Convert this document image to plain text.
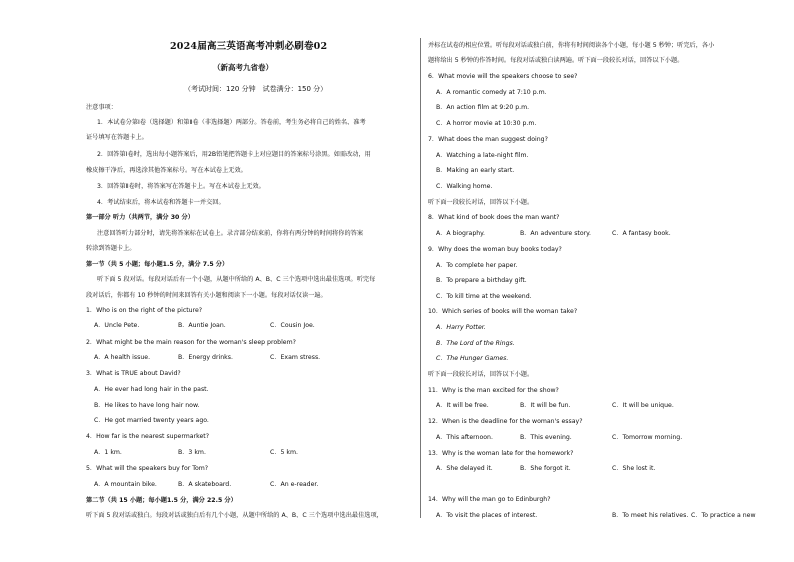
2024届高三英语高考冲刺必刷卷02
（新高考九省卷）
（考试时间：120 分钟　试卷满分：150 分）
注意事项：
1．本试卷分第Ⅰ卷（选择题）和第Ⅱ卷（非选择题）两部分。答卷前，考生务必将自己的姓名、准考
证号填写在答题卡上。
2．回答第Ⅰ卷时，选出每小题答案后，用2B铅笔把答题卡上对应题目的答案标号涂黑。如需改动，用
橡皮擦干净后，再选涂其他答案标号。写在本试卷上无效。
3．回答第Ⅱ卷时，将答案写在答题卡上。写在本试卷上无效。
4．考试结束后，将本试卷和答题卡一并交回。
第一部分 听力（共两节，满分 30 分）
注意回答听力部分时，请先将答案标在试卷上。录音部分结束前，你将有两分钟的时间将你的答案
转涂到答题卡上。
第一节（共 5 小题；每小题1.5 分，满分 7.5 分）
听下面 5 段对话。每段对话后有一个小题，从题中所给的 A、B、C 三个选项中选出最佳选项。听完每
段对话后，你都有 10 秒钟的时间来回答有关小题和阅读下一小题。每段对话仅读一遍。
1．Who is on the right of the picture?
A．Uncle Pete.	B．Auntie Joan.	C．Cousin Joe.
2．What might be the main reason for the woman's sleep problem?
A．A health issue.	B．Energy drinks.	C．Exam stress.
3．What is TRUE about David?
A．He ever had long hair in the past.
B．He likes to have long hair now.
C．He got married twenty years ago.
4．How far is the nearest supermarket?
A．1 km.	B．3 km.	C．5 km.
5．What will the speakers buy for Tom?
A．A mountain bike.	B．A skateboard.	C．An e-reader.
第二节（共 15 小题；每小题1.5 分，满分 22.5 分）
听下面 5 段对话或独白。每段对话或独白后有几个小题，从题中所给的 A、B、C 三个选项中选出最佳选项，
并标在试卷的相应位置。听每段对话或独白前，你将有时间阅读各个小题，每小题 5 秒钟；听完后，各小
题将给出 5 秒钟的作答时间。每段对话或独白读两遍。听下面一段较长对话，回答以下小题。
6．What movie will the speakers choose to see?
A．A romantic comedy at 7:10 p.m.
B．An action film at 9:20 p.m.
C．A horror movie at 10:30 p.m.
7．What does the man suggest doing?
A．Watching a late-night film.
B．Making an early start.
C．Walking home.
听下面一段较长对话，回答以下小题。
8．What kind of book does the man want?
A．A biography.	B．An adventure story.	C．A fantasy book.
9．Why does the woman buy books today?
A．To complete her paper.
B．To prepare a birthday gift.
C．To kill time at the weekend.
10．Which series of books will the woman take?
A．Harry Potter.
B．The Lord of the Rings.
C．The Hunger Games.
听下面一段较长对话，回答以下小题。
11．Why is the man excited for the show?
A．It will be free.	B．It will be fun.	C．It will be unique.
12．When is the deadline for the woman's essay?
A．This afternoon.	B．This evening.	C．Tomorrow morning.
13．Why is the woman late for the homework?
A．She delayed it.	B．She forgot it.	C．She lost it.
14．Why will the man go to Edinburgh?
A．To visit the places of interest.	B．To meet his relatives. C．To practice a new
